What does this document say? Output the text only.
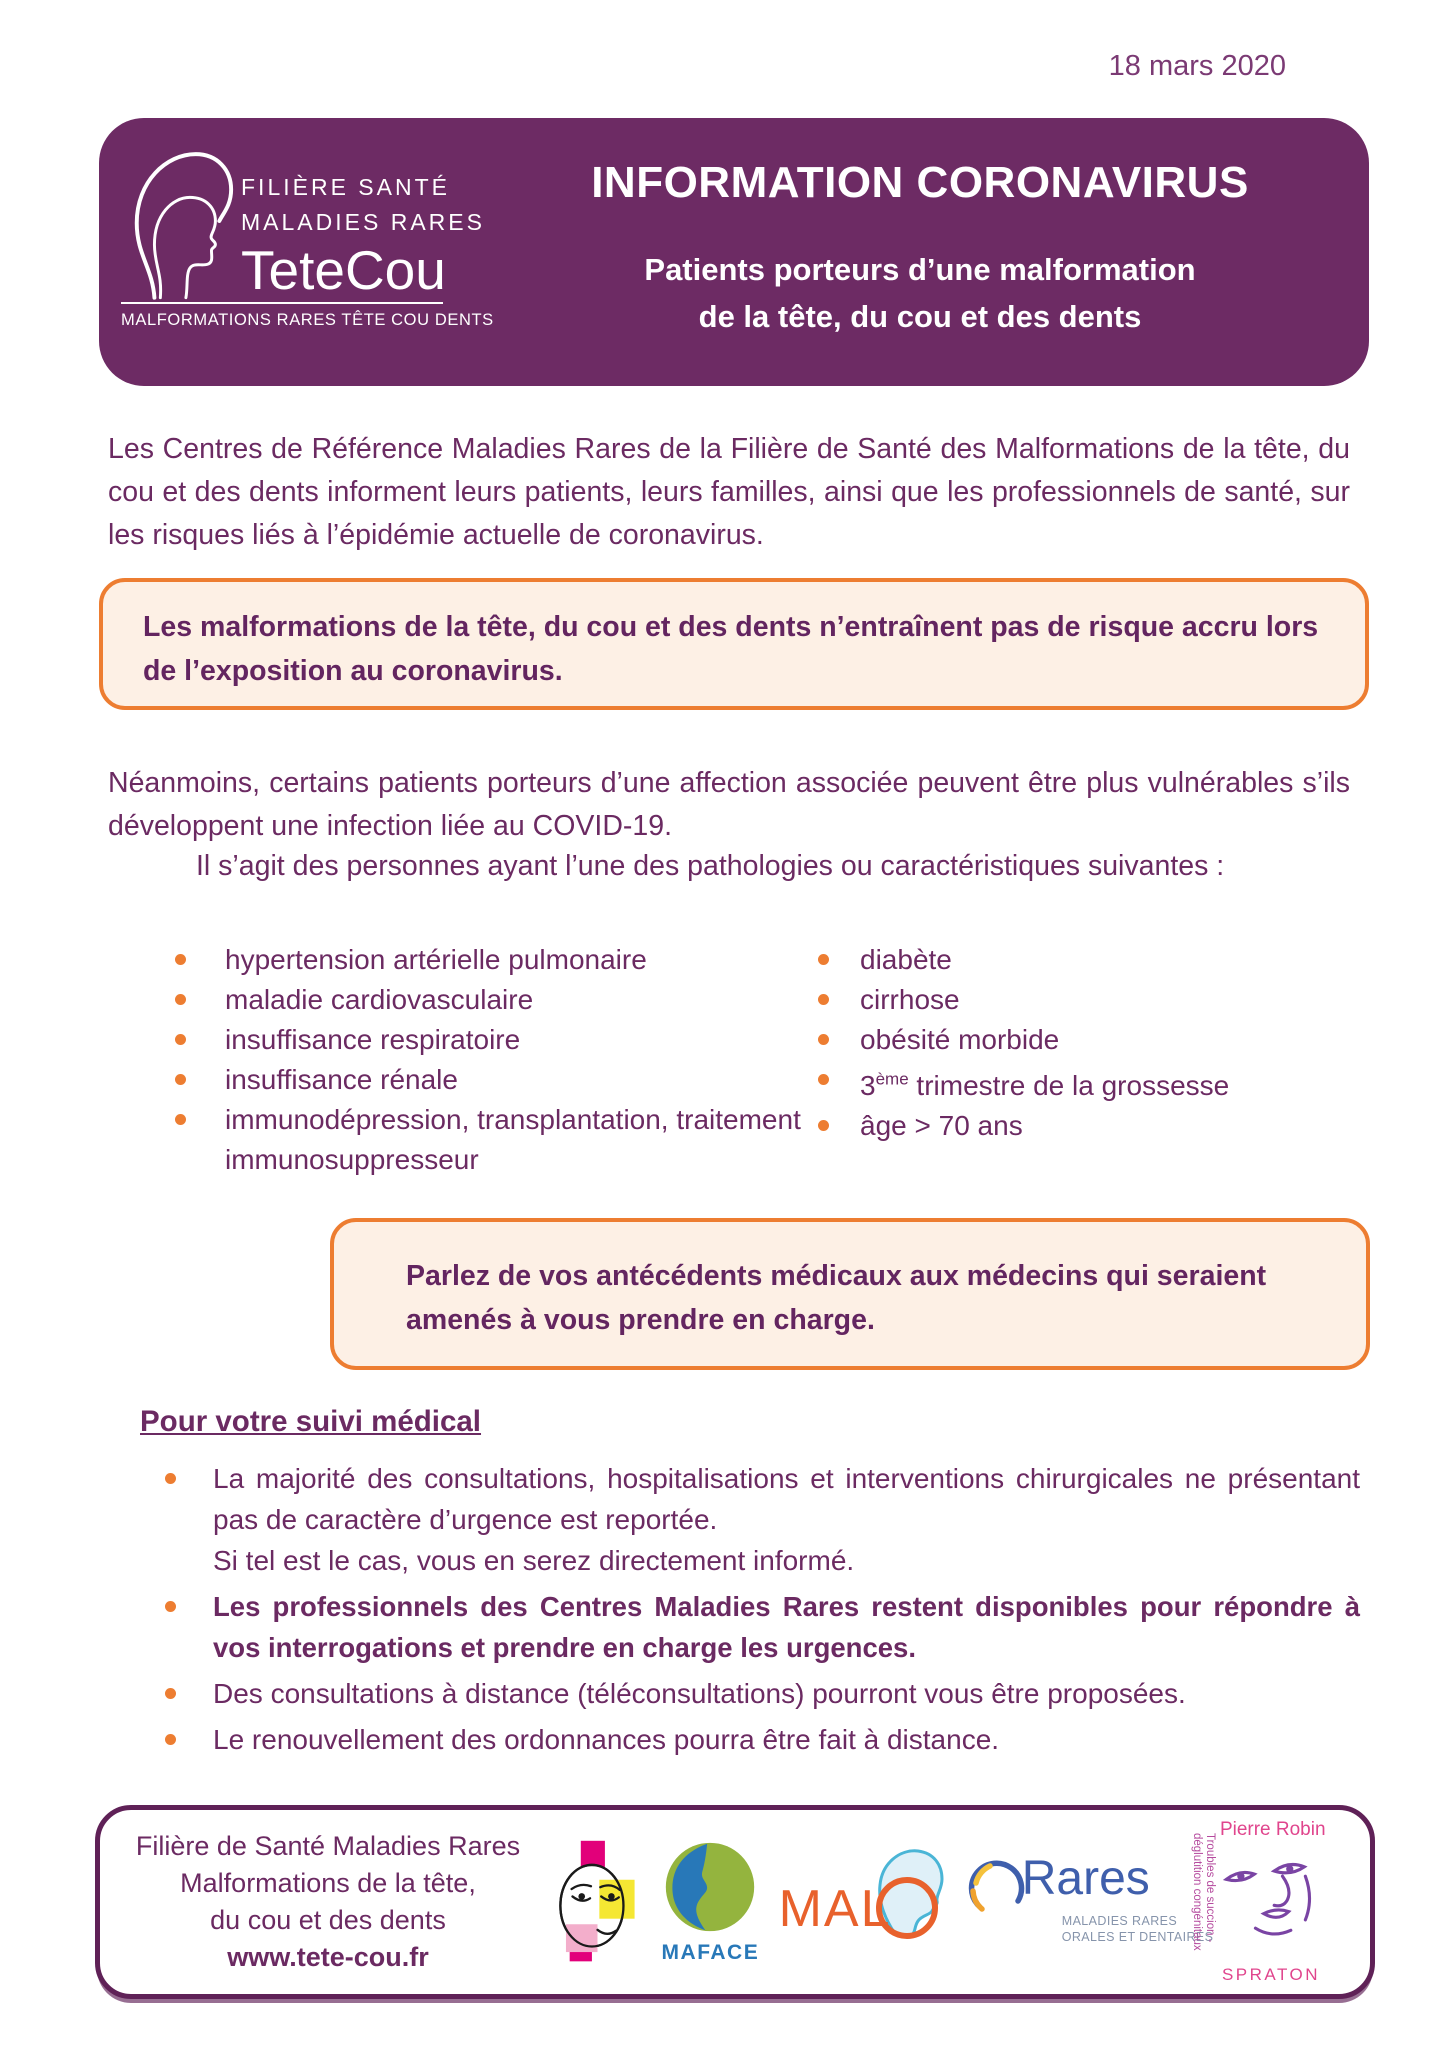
18 mars 2020
FILIÈRE SANTÉ
MALADIES RARES
TeteCou
MALFORMATIONS RARES TÊTE COU DENTS
INFORMATION CORONAVIRUS

Patients porteurs d’une malformation
de la tête, du cou et des dents

Les Centres de Référence Maladies Rares de la Filière de Santé des Malformations de la tête, du cou et des dents informent leurs patients, leurs familles, ainsi que les professionnels de santé, sur les risques liés à l’épidémie actuelle de coronavirus.

Les malformations de la tête, du cou et des dents n’entraînent pas de risque accru lors de l’exposition au coronavirus.

Néanmoins, certains patients porteurs d’une affection associée peuvent être plus vulnérables s’ils développent une infection liée au COVID-19.

Il s’agit des personnes ayant l’une des pathologies ou caractéristiques suivantes :

hypertension artérielle pulmonaire
maladie cardiovasculaire
insuffisance respiratoire
insuffisance rénale
immunodépression, transplantation, traitement immunosuppresseur
diabète
cirrhose
obésité morbide
3ème trimestre de la grossesse
âge > 70 ans

Parlez de vos antécédents médicaux aux médecins qui seraient amenés à vous prendre en charge.

Pour votre suivi médical
La majorité des consultations, hospitalisations et interventions chirurgicales ne présentant pas de caractère d’urgence est reportée.
Si tel est le cas, vous en serez directement informé.
Les professionnels des Centres Maladies Rares restent disponibles pour répondre à vos interrogations et prendre en charge les urgences.
Des consultations à distance (téléconsultations) pourront vous être proposées.
Le renouvellement des ordonnances pourra être fait à distance.
Filière de Santé Maladies Rares
Malformations de la tête,
du cou et des dents
www.tete-cou.fr	MAFACE
MAL
Rares
MALADIES RARES
ORALES ET DENTAIRES
Pierre Robin
Troubles de succion - déglutition congénitaux
SPRATON
